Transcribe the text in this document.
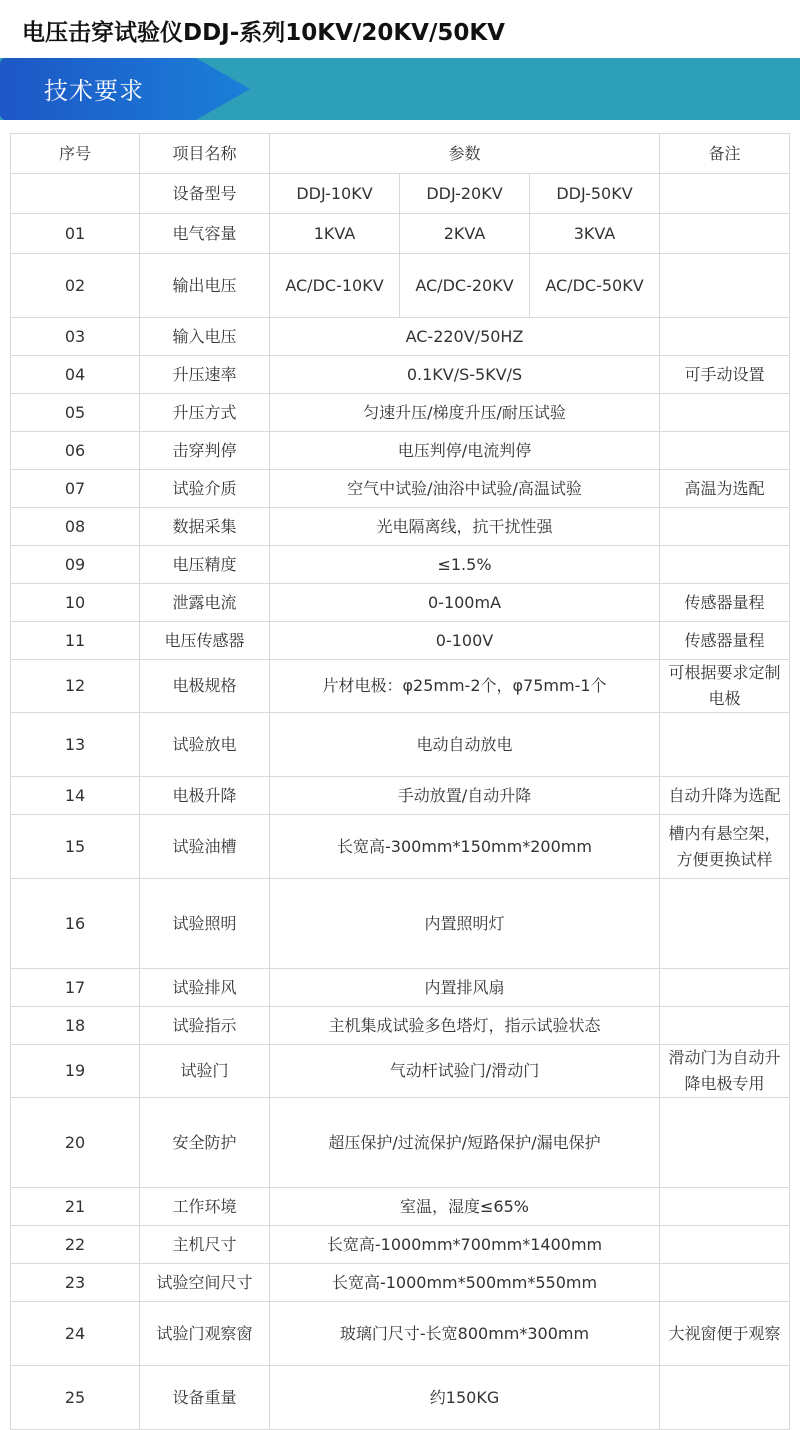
电压击穿试验仪DDJ-系列10KV/20KV/50KV
技术要求
序号	项目名称	参数			备注
	设备型号	DDJ-10KV	DDJ-20KV	DDJ-50KV	
01	电气容量	1KVA	2KVA	3KVA	
02	输出电压	AC/DC-10KV	AC/DC-20KV	AC/DC-50KV	
03	输入电压	AC-220V/50HZ			
04	升压速率	0.1KV/S-5KV/S			可手动设置
05	升压方式	匀速升压/梯度升压/耐压试验			
06	击穿判停	电压判停/电流判停			
07	试验介质	空气中试验/油浴中试验/高温试验			高温为选配
08	数据采集	光电隔离线，抗干扰性强			
09	电压精度	≤1.5%			
10	泄露电流	0-100mA			传感器量程
11	电压传感器	0-100V			传感器量程
12	电极规格	片材电极：φ25mm-2个，φ75mm-1个			可根据要求定制电极
13	试验放电	电动自动放电			
14	电极升降	手动放置/自动升降			自动升降为选配
15	试验油槽	长宽高-300mm*150mm*200mm			槽内有悬空架，方便更换试样
16	试验照明	内置照明灯			
17	试验排风	内置排风扇			
18	试验指示	主机集成试验多色塔灯，指示试验状态			
19	试验门	气动杆试验门/滑动门			滑动门为自动升降电极专用
20	安全防护	超压保护/过流保护/短路保护/漏电保护			
21	工作环境	室温，湿度≤65%			
22	主机尺寸	长宽高-1000mm*700mm*1400mm			
23	试验空间尺寸	长宽高-1000mm*500mm*550mm			
24	试验门观察窗	玻璃门尺寸-长宽800mm*300mm			大视窗便于观察
25	设备重量	约150KG			
